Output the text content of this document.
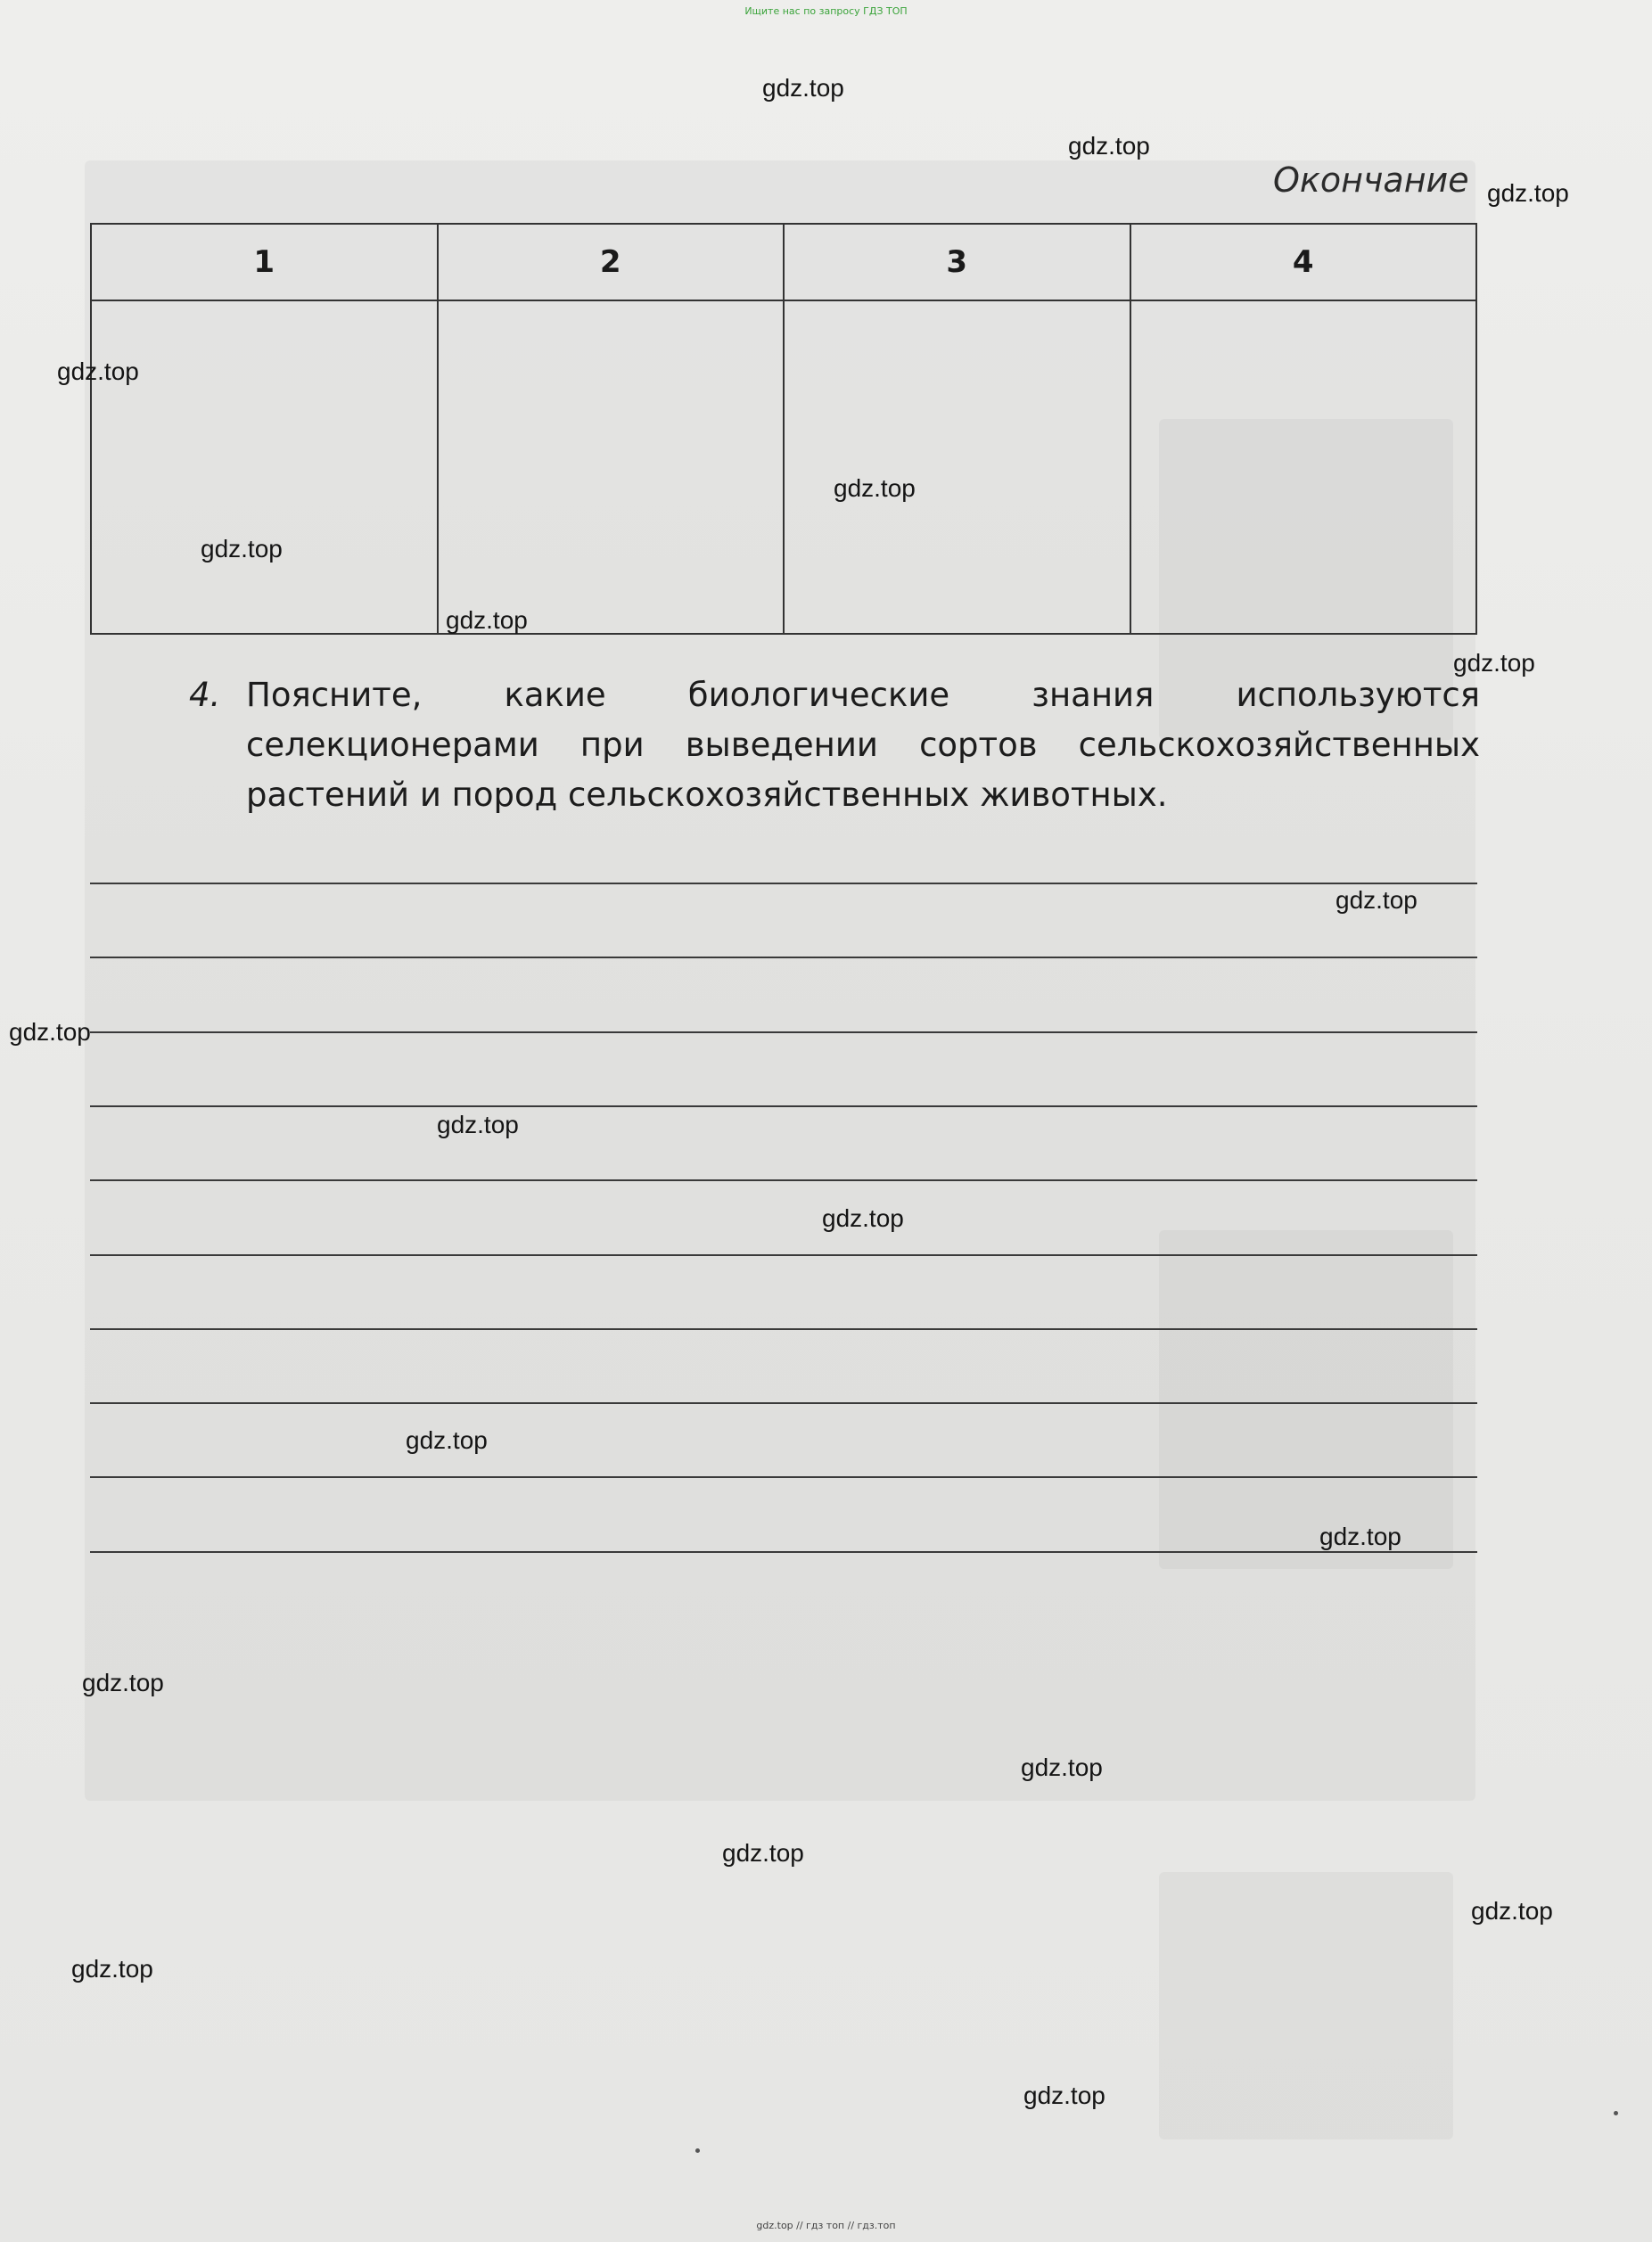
Ищите нас по запросу ГДЗ ТОП
Окончание
1	2	3	4

4. Поясните, какие биологические знания используются селекционерами при выведении сортов сельскохозяйственных растений и пород сельскохозяйственных животных.
gdz.top
gdz.top
gdz.top
gdz.top
gdz.top
gdz.top
gdz.top
gdz.top
gdz.top
gdz.top
gdz.top
gdz.top
gdz.top
gdz.top
gdz.top
gdz.top
gdz.top
gdz.top
gdz.top
gdz.top
gdz.top // гдз топ // гдз.топ
